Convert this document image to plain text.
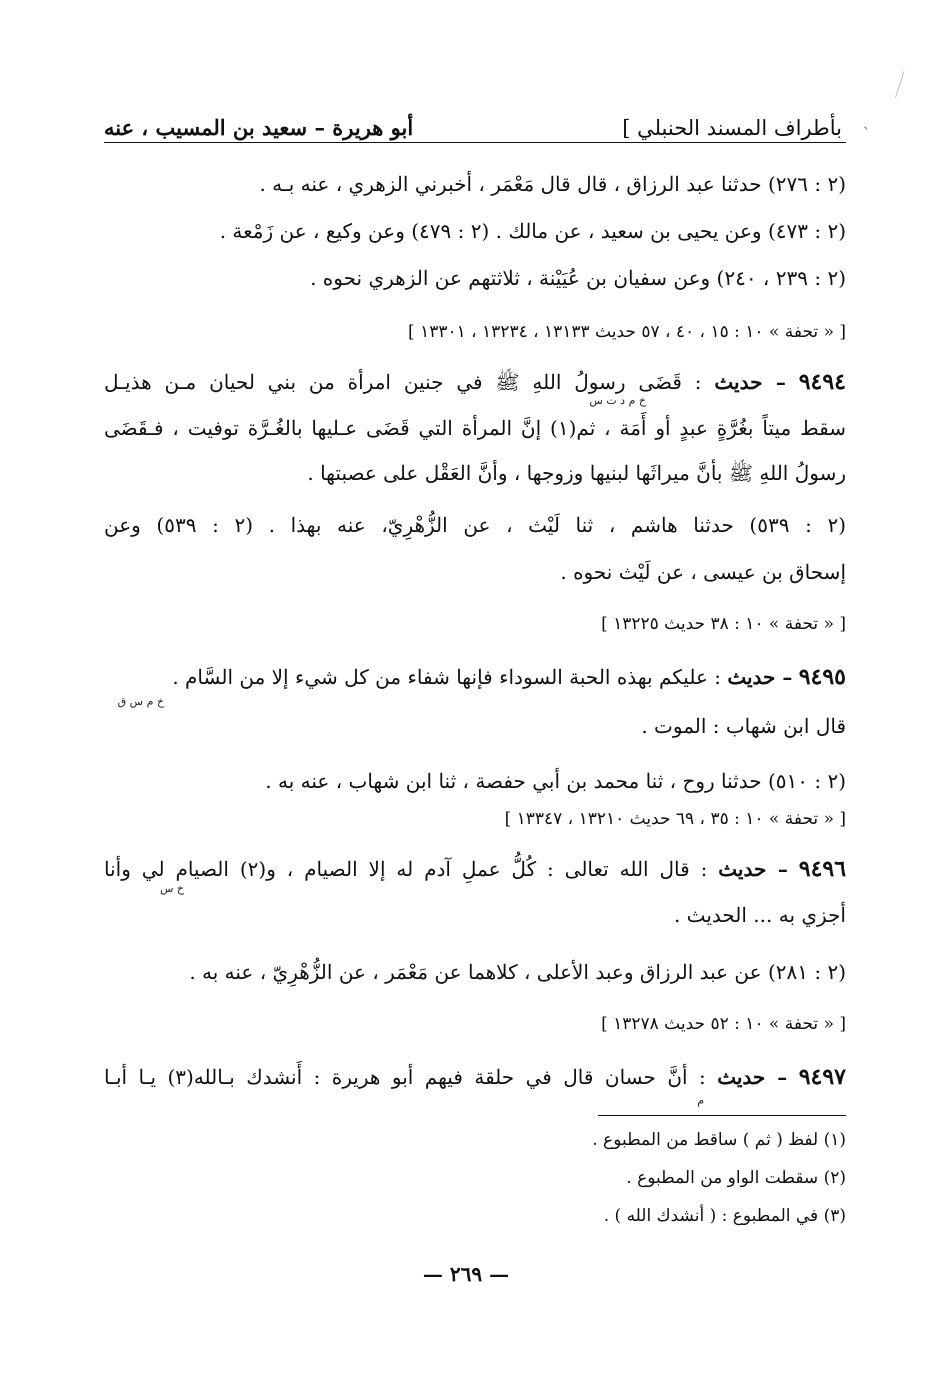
`
بأطراف المسند الحنبلي ]
أبو هريرة – سعيد بن المسيب ، عنه
(٢ : ٢٧٦) حدثنا عبد الرزاق ، قال قال مَعْمَر ، أخبرني الزهري ، عنه بـه .
(٢ : ٤٧٣) وعن يحيى بن سعيد ، عن مالك . (٢ : ٤٧٩) وعن وكيع ، عن زَمْعة .
(٢ : ٢٣٩ ، ٢٤٠) وعن سفيان بن عُيَيْنة ، ثلاثتهم عن الزهري نحوه .
[ « تحفة » ١٠ : ١٥ ، ٤٠ ، ٥٧ حديث ١٣١٣٣ ، ١٣٢٣٤ ، ١٣٣٠١ ]
٩٤٩٤ – حديث : قَضَى رسولُ اللهِ ﷺ في جنين امرأة من بني لحيان مـن هذيـل
خ م د ت س
سقط ميتاً بغُرَّةٍ عبدٍ أو أَمَة ، ثم(١) إنَّ المرأة التي قَضَى عـليها بالغُـرَّة توفيت ، فـقَضَى
رسولُ اللهِ ﷺ بأنَّ ميراثَها لبنيها وزوجها ، وأنَّ العَقْل على عصبتها .
(٢ : ٥٣٩) حدثنا هاشم ، ثنا لَيْث ، عن الزُّهْرِيّ، عنه بهذا . (٢ : ٥٣٩) وعن
إسحاق بن عيسى ، عن لَيْث نحوه .
[ « تحفة » ١٠ : ٣٨ حديث ١٣٢٢٥ ]
٩٤٩٥ – حديث : عليكم بهذه الحبة السوداء فإنها شفاء من كل شيء إلا من السَّام .
خ م س ق
قال ابن شهاب : الموت .
(٢ : ٥١٠) حدثنا روح ، ثنا محمد بن أبي حفصة ، ثنا ابن شهاب ، عنه به .
[ « تحفة » ١٠ : ٣٥ ، ٦٩ حديث ١٣٢١٠ ، ١٣٣٤٧ ]
٩٤٩٦ – حديث : قال الله تعالى : كُلُّ عملِ آدم له إلا الصيام ، و(٢) الصيام لي وأنا
خ س
أجزي به ... الحديث .
(٢ : ٢٨١) عن عبد الرزاق وعبد الأعلى ، كلاهما عن مَعْمَر ، عن الزُّهْرِيّ ، عنه به .
[ « تحفة » ١٠ : ٥٢ حديث ١٣٢٧٨ ]
٩٤٩٧ – حديث : أنَّ حسان قال في حلقة فيهم أبو هريرة : أَنشدك بـالله(٣) يـا أبـا
م
(١) لفظ ( ثم ) ساقط من المطبوع .
(٢) سقطت الواو من المطبوع .
(٣) في المطبوع : ( أنشدك الله ) .
— ٢٦٩ —
